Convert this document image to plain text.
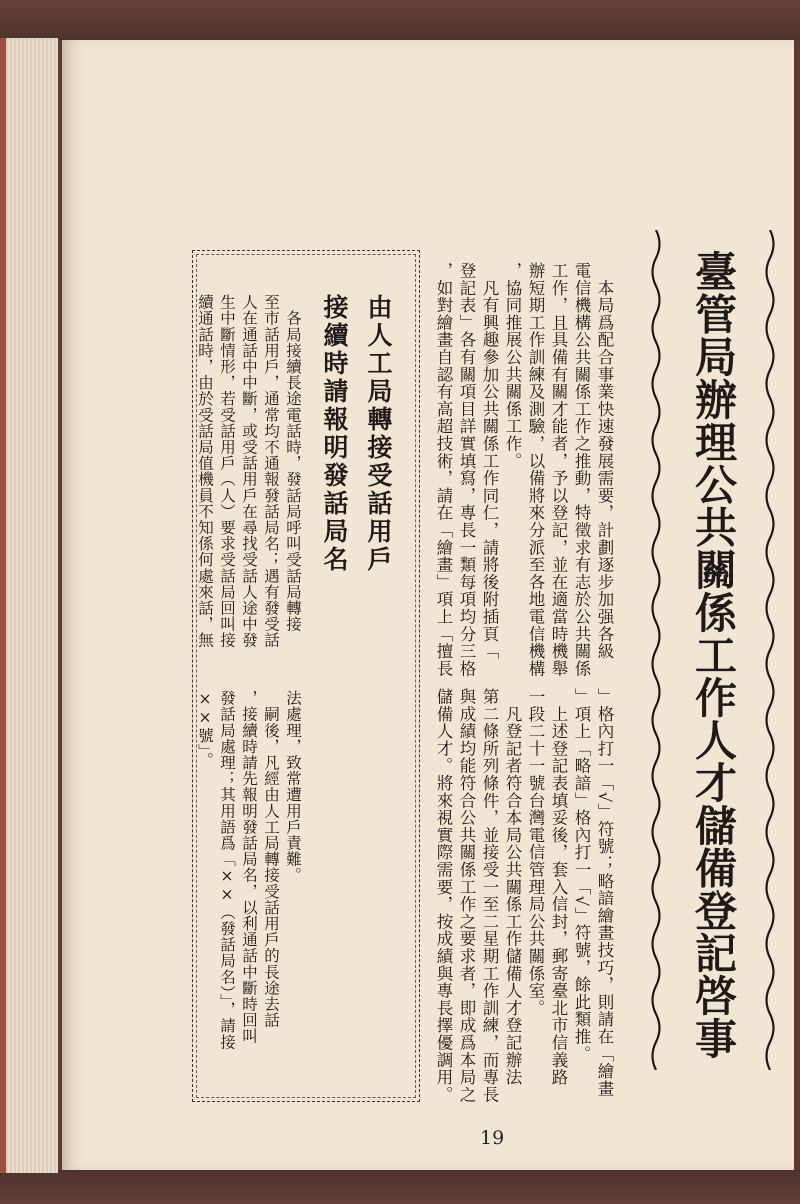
臺管局辦理公共關係工作人才儲備登記啓事
　本局爲配合事業快速發展需要，計劃逐步加强各級
電信機構公共關係工作之推動，特徵求有志於公共關係
工作，且具備有關才能者，予以登記，並在適當時機舉
辦短期工作訓練及測驗，以備將來分派至各地電信機構
，協同推展公共關係工作。
　凡有興趣參加公共關係工作同仁，請將後附插頁「
登記表」各有關項目詳實填寫，專長一類每項均分三格
，如對繪畫自認有高超技術，請在「繪畫」項上「擅長
」格內打一「√」符號；略諳繪畫技巧，則請在「繪畫
」項上「略諳」格內打一「√」符號，餘此類推。
　上述登記表填妥後，套入信封，郵寄臺北市信義路
一段二十一號台灣電信管理局公共關係室。
　凡登記者符合本局公共關係工作儲備人才登記辦法
第二條所列條件，並接受一至二星期工作訓練，而專長
與成績均能符合公共關係工作之要求者，即成爲本局之
儲備人才。將來視實際需要，按成績與專長擇優調用。
由人工局轉接受話用戶
接續時請報明發話局名
　各局接續長途電話時，發話局呼叫受話局轉接
至市話用戶，通常均不通報發話局名；遇有發受話
人在通話中中斷，或受話用戶在尋找受話人途中發
生中斷情形，若受話用戶（人）要求受話局回叫接
續通話時，由於受話局值機員不知係何處來話，無
法處理，致常遭用戶責難。
　嗣後，凡經由人工局轉接受話用戶的長途去話
，接續時請先報明發話局名，以利通話中斷時回叫
發話局處理；其用語爲「××（發話局名）」，請接
××號」。
19
